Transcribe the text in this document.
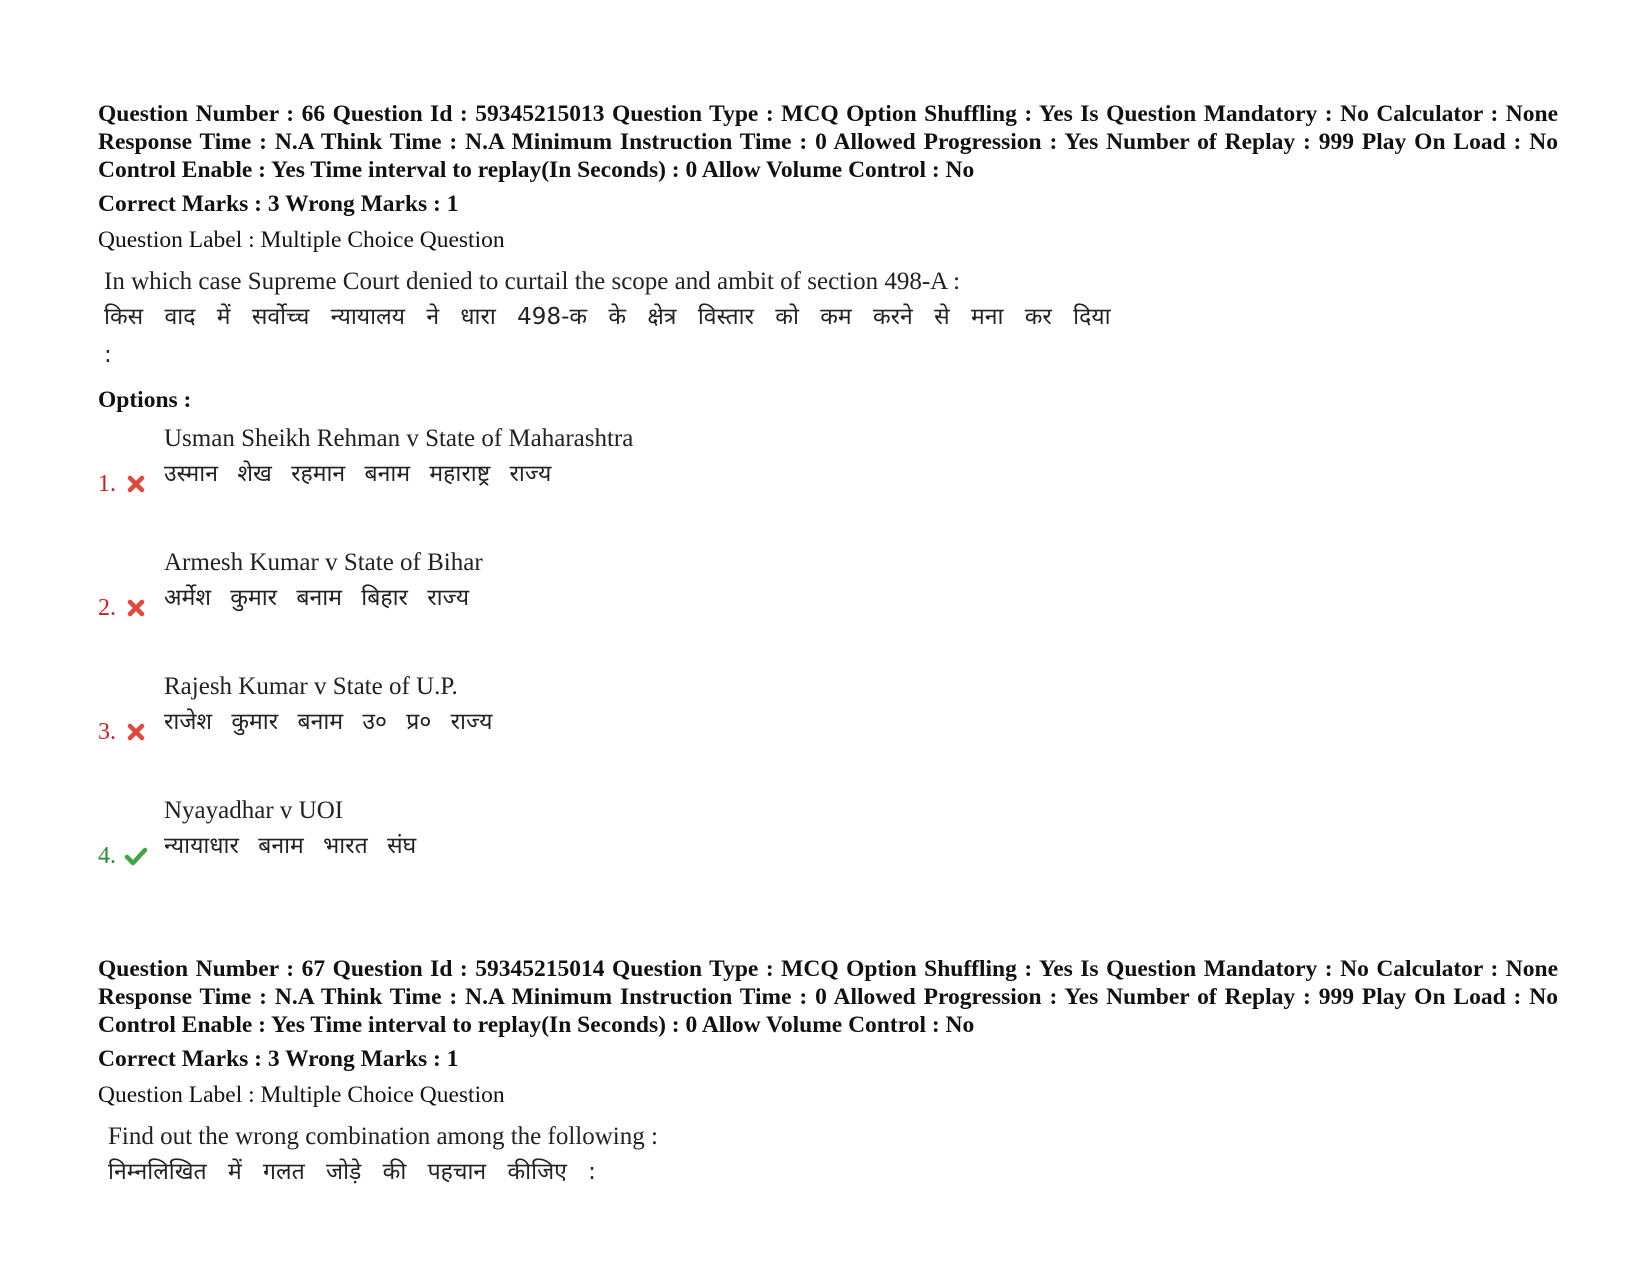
Question Number : 66 Question Id : 59345215013 Question Type : MCQ Option Shuffling : Yes Is Question Mandatory : No Calculator : None Response Time : N.A Think Time : N.A Minimum Instruction Time : 0 Allowed Progression : Yes Number of Replay : 999 Play On Load : No Control Enable : Yes Time interval to replay(In Seconds) : 0 Allow Volume Control : No

Correct Marks : 3 Wrong Marks : 1

Question Label : Multiple Choice Question

In which case Supreme Court denied to curtail the scope and ambit of section 498-A :
किस वाद में सर्वोच्च न्यायालय ने धारा 498-क के क्षेत्र विस्तार को कम करने से मना कर दिया :

Options :

1.
Usman Sheikh Rehman v State of Maharashtra
उस्मान शेख रहमान बनाम महाराष्ट्र राज्य
2.
Armesh Kumar v State of Bihar
अर्मेश कुमार बनाम बिहार राज्य
3.
Rajesh Kumar v State of U.P.
राजेश कुमार बनाम उ० प्र० राज्य
4.
Nyayadhar v UOI
न्यायाधार बनाम भारत संघ

Question Number : 67 Question Id : 59345215014 Question Type : MCQ Option Shuffling : Yes Is Question Mandatory : No Calculator : None Response Time : N.A Think Time : N.A Minimum Instruction Time : 0 Allowed Progression : Yes Number of Replay : 999 Play On Load : No Control Enable : Yes Time interval to replay(In Seconds) : 0 Allow Volume Control : No

Correct Marks : 3 Wrong Marks : 1

Question Label : Multiple Choice Question

Find out the wrong combination among the following :
निम्नलिखित में गलत जोड़े की पहचान कीजिए :
